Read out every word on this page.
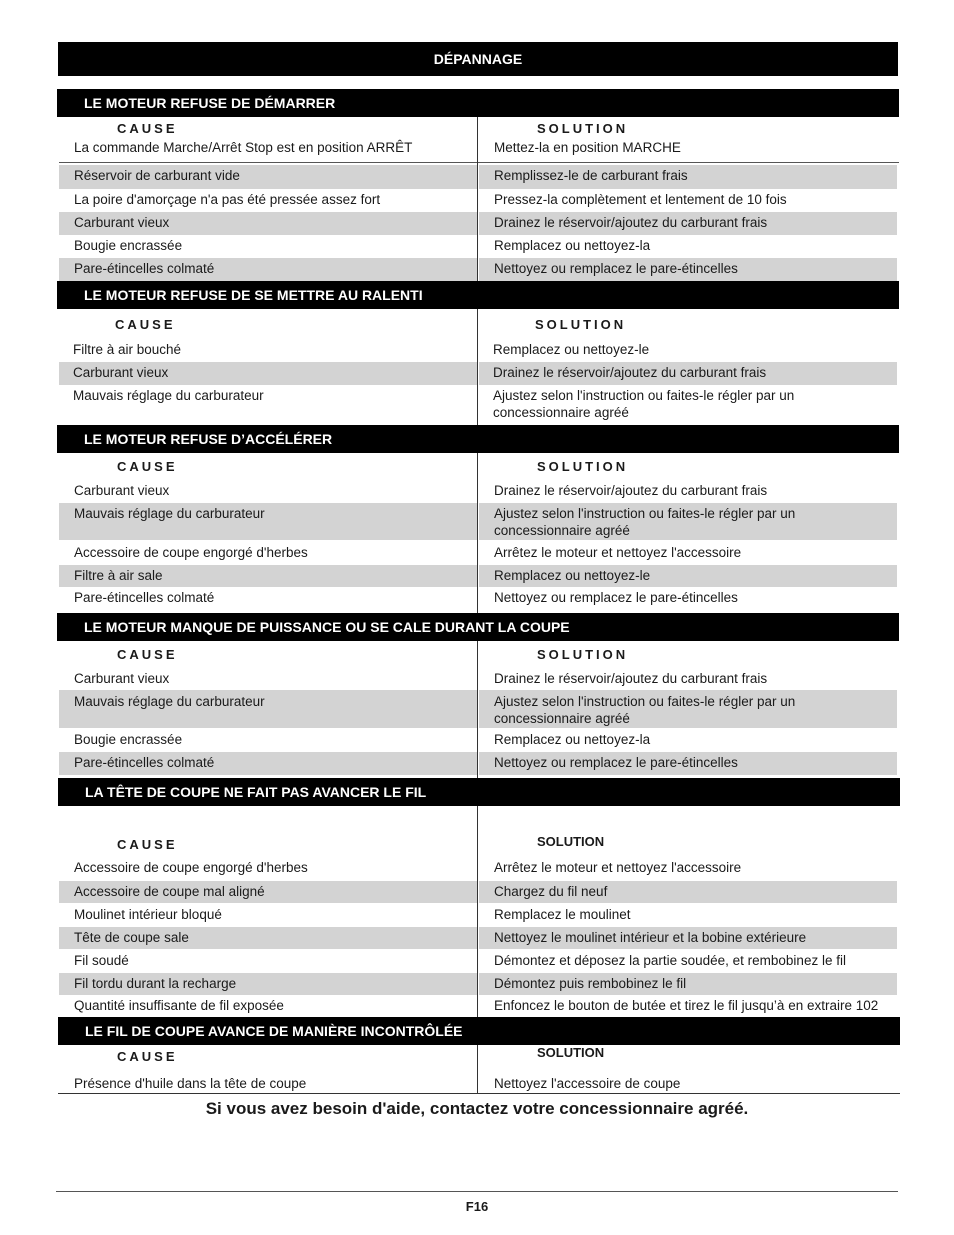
DÉPANNAGE
LE MOTEUR REFUSE DE DÉMARRER
CAUSE	SOLUTION
La commande Marche/Arrêt Stop est en position ARRÊT	Mettez-la en position MARCHE
Réservoir de carburant vide	Remplissez-le de carburant frais
La poire d'amorçage n'a pas été pressée assez fort	Pressez-la complètement et lentement de 10 fois
Carburant vieux	Drainez le réservoir/ajoutez du carburant frais
Bougie encrassée	Remplacez ou nettoyez-la
Pare-étincelles colmaté	Nettoyez ou remplacez le pare-étincelles
LE MOTEUR REFUSE DE SE METTRE AU RALENTI
CAUSE	SOLUTION
Filtre à air bouché	Remplacez ou nettoyez-le
Carburant vieux	Drainez le réservoir/ajoutez du carburant frais
Mauvais réglage du carburateur	Ajustez selon l'instruction ou faites-le régler par un concessionnaire agréé
LE MOTEUR REFUSE D’ACCÉLÉRER
CAUSE	SOLUTION
Carburant vieux	Drainez le réservoir/ajoutez du carburant frais
Mauvais réglage du carburateur	Ajustez selon l'instruction ou faites-le régler par un concessionnaire agréé
Accessoire de coupe engorgé d'herbes	Arrêtez le moteur et nettoyez l'accessoire
Filtre à air sale	Remplacez ou nettoyez-le
Pare-étincelles colmaté	Nettoyez ou remplacez le pare-étincelles
LE MOTEUR MANQUE DE PUISSANCE OU SE CALE DURANT LA COUPE
CAUSE	SOLUTION
Carburant vieux	Drainez le réservoir/ajoutez du carburant frais
Mauvais réglage du carburateur	Ajustez selon l'instruction ou faites-le régler par un concessionnaire agréé
Bougie encrassée	Remplacez ou nettoyez-la
Pare-étincelles colmaté	Nettoyez ou remplacez le pare-étincelles
LA TÊTE DE COUPE NE FAIT PAS AVANCER LE FIL
CAUSE	SOLUTION
Accessoire de coupe engorgé d'herbes	Arrêtez le moteur et nettoyez l'accessoire
Accessoire de coupe mal aligné	Chargez du fil neuf
Moulinet intérieur bloqué	Remplacez le moulinet
Tête de coupe sale	Nettoyez le moulinet intérieur et la bobine extérieure
Fil soudé	Démontez et déposez la partie soudée, et rembobinez le fil
Fil tordu durant la recharge	Démontez puis rembobinez le fil
Quantité insuffisante de fil exposée	Enfoncez le bouton de butée et tirez le fil jusqu’à en extraire 102
LE FIL DE COUPE AVANCE DE MANIÈRE INCONTRÔLÉE
CAUSE	SOLUTION
Présence d'huile dans la tête de coupe	Nettoyez l'accessoire de coupe
Si vous avez besoin d'aide, contactez votre concessionnaire agréé.
F16
